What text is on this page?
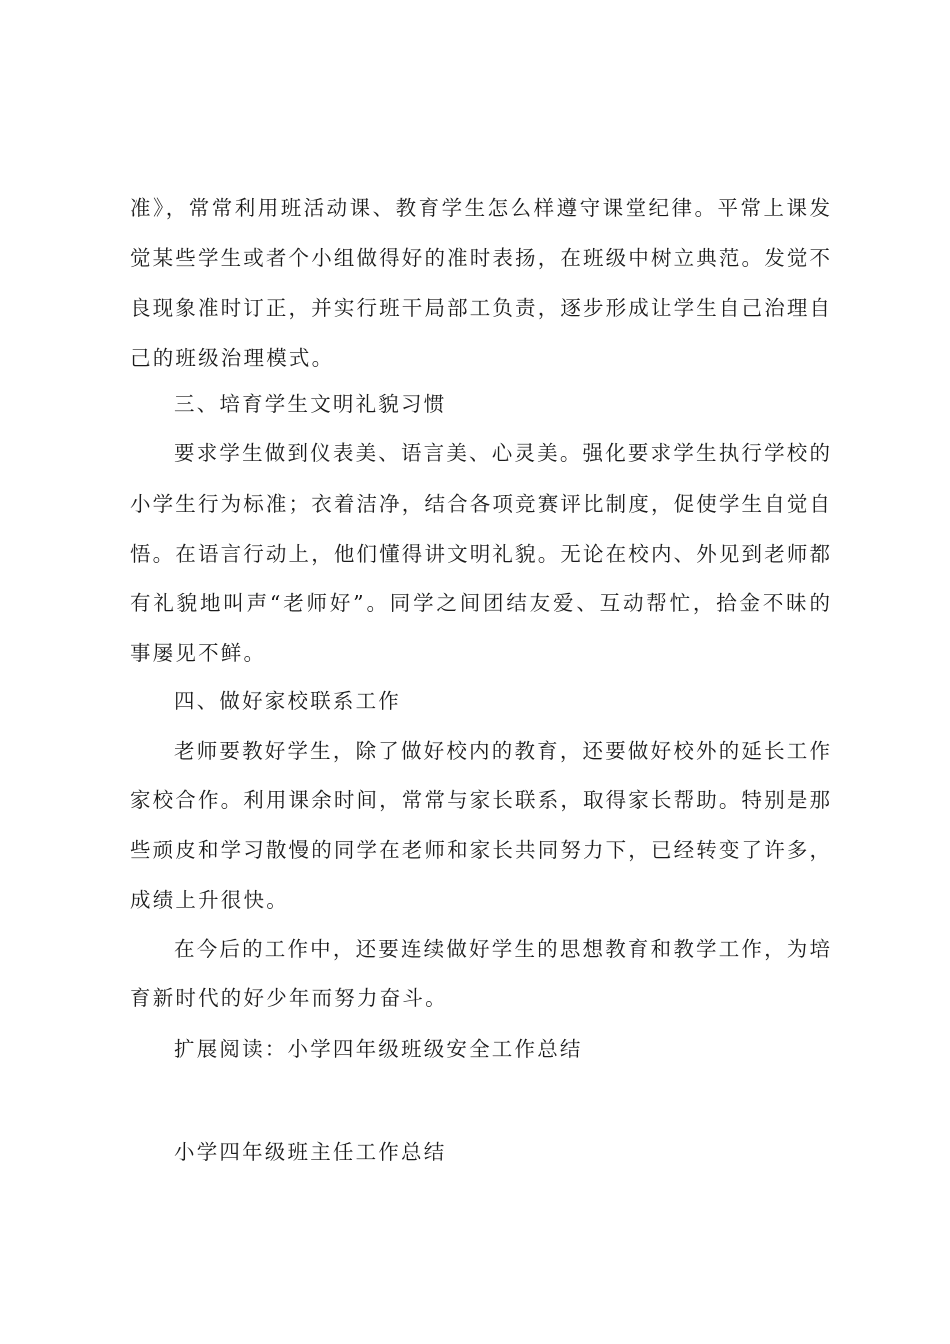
准》，常常利用班活动课、教育学生怎么样遵守课堂纪律。平常上课发
觉某些学生或者个小组做得好的准时表扬，在班级中树立典范。发觉不
良现象准时订正，并实行班干局部工负责，逐步形成让学生自己治理自
己的班级治理模式。
三、培育学生文明礼貌习惯
要求学生做到仪表美、语言美、心灵美。强化要求学生执行学校的
小学生行为标准；衣着洁净，结合各项竞赛评比制度，促使学生自觉自
悟。在语言行动上，他们懂得讲文明礼貌。无论在校内、外见到老师都
有礼貌地叫声“老师好”。同学之间团结友爱、互动帮忙，拾金不昧的
事屡见不鲜。
四、做好家校联系工作
老师要教好学生，除了做好校内的教育，还要做好校外的延长工作
家校合作。利用课余时间，常常与家长联系，取得家长帮助。特别是那
些顽皮和学习散慢的同学在老师和家长共同努力下，已经转变了许多，
成绩上升很快。
在今后的工作中，还要连续做好学生的思想教育和教学工作，为培
育新时代的好少年而努力奋斗。
扩展阅读：小学四年级班级安全工作总结
小学四年级班主任工作总结
